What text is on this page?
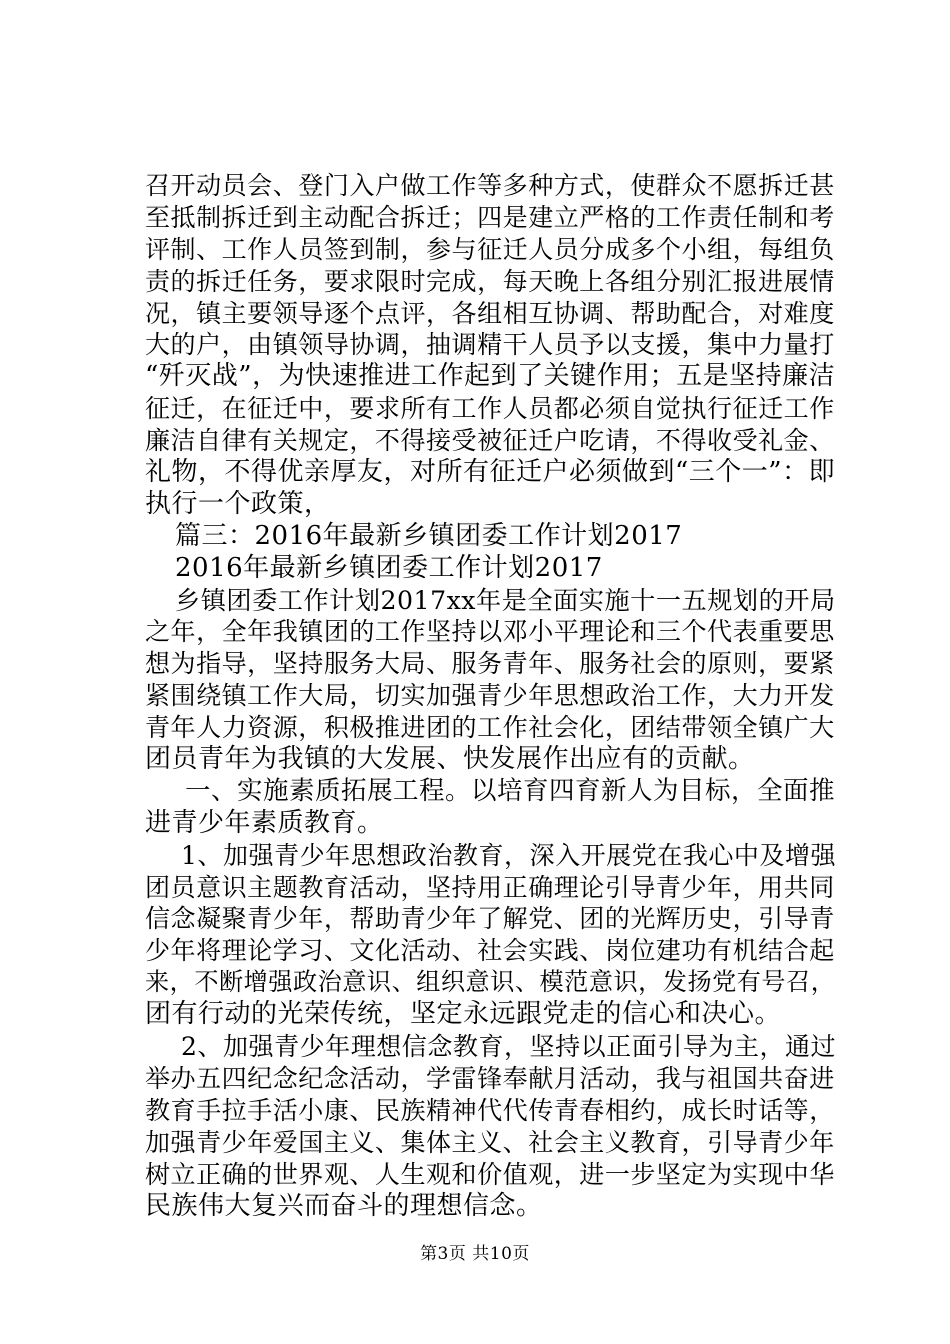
召开动员会、登门入户做工作等多种方式，使群众不愿拆迁甚
至抵制拆迁到主动配合拆迁；四是建立严格的工作责任制和考
评制、工作人员签到制，参与征迁人员分成多个小组，每组负
责的拆迁任务，要求限时完成，每天晚上各组分别汇报进展情
况，镇主要领导逐个点评，各组相互协调、帮助配合，对难度
大的户，由镇领导协调，抽调精干人员予以支援，集中力量打
“歼灭战”，为快速推进工作起到了关键作用；五是坚持廉洁
征迁，在征迁中，要求所有工作人员都必须自觉执行征迁工作
廉洁自律有关规定，不得接受被征迁户吃请，不得收受礼金、
礼物，不得优亲厚友，对所有征迁户必须做到“三个一”：即
执行一个政策，
篇三：2016年最新乡镇团委工作计划2017
2016年最新乡镇团委工作计划2017
乡镇团委工作计划2017xx年是全面实施十一五规划的开局
之年，全年我镇团的工作坚持以邓小平理论和三个代表重要思
想为指导，坚持服务大局、服务青年、服务社会的原则，要紧
紧围绕镇工作大局，切实加强青少年思想政治工作，大力开发
青年人力资源，积极推进团的工作社会化，团结带领全镇广大
团员青年为我镇的大发展、快发展作出应有的贡献。
一、实施素质拓展工程。以培育四育新人为目标，全面推
进青少年素质教育。
1、加强青少年思想政治教育，深入开展党在我心中及增强
团员意识主题教育活动，坚持用正确理论引导青少年，用共同
信念凝聚青少年，帮助青少年了解党、团的光辉历史，引导青
少年将理论学习、文化活动、社会实践、岗位建功有机结合起
来，不断增强政治意识、组织意识、模范意识，发扬党有号召，
团有行动的光荣传统，坚定永远跟党走的信心和决心。
2、加强青少年理想信念教育，坚持以正面引导为主，通过
举办五四纪念纪念活动，学雷锋奉献月活动，我与祖国共奋进
教育手拉手活小康、民族精神代代传青春相约，成长时话等，
加强青少年爱国主义、集体主义、社会主义教育，引导青少年
树立正确的世界观、人生观和价值观，进一步坚定为实现中华
民族伟大复兴而奋斗的理想信念。
第3页 共10页
